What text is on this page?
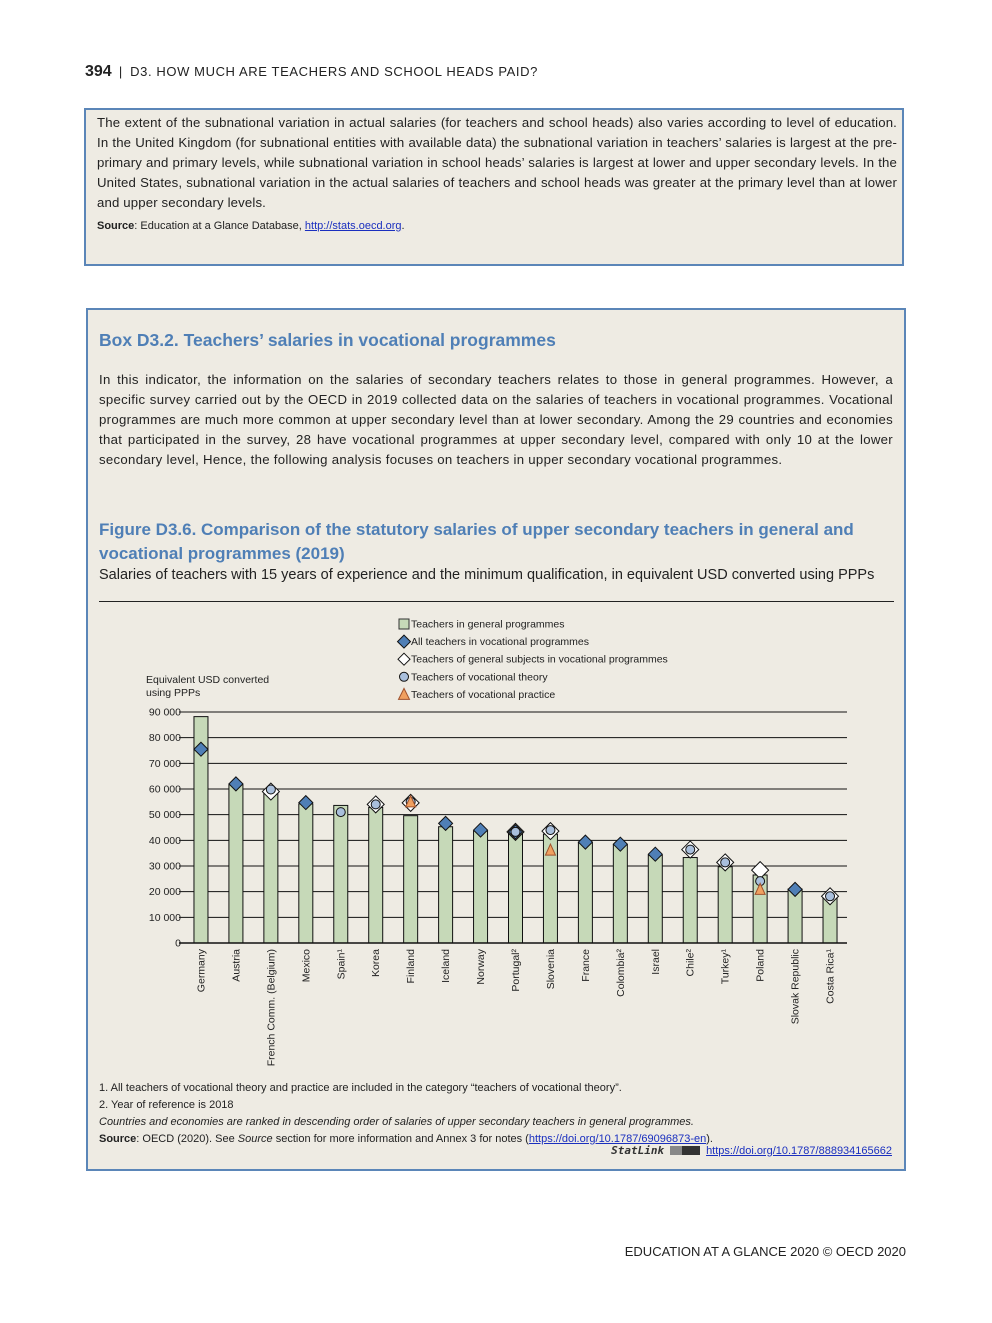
394 | D3. HOW MUCH ARE TEACHERS AND SCHOOL HEADS PAID?
The extent of the subnational variation in actual salaries (for teachers and school heads) also varies according to level of education. In the United Kingdom (for subnational entities with available data) the subnational variation in teachers’ salaries is largest at the pre-primary and primary levels, while subnational variation in school heads’ salaries is largest at lower and upper secondary levels. In the United States, subnational variation in the actual salaries of teachers and school heads was greater at the primary level than at lower and upper secondary levels.
Source: Education at a Glance Database, http://stats.oecd.org.
Box D3.2. Teachers’ salaries in vocational programmes
In this indicator, the information on the salaries of secondary teachers relates to those in general programmes. However, a specific survey carried out by the OECD in 2019 collected data on the salaries of teachers in vocational programmes. Vocational programmes are much more common at upper secondary level than at lower secondary. Among the 29 countries and economies that participated in the survey, 28 have vocational programmes at upper secondary level, compared with only 10 at the lower secondary level, Hence, the following analysis focuses on teachers in upper secondary vocational programmes.
Figure D3.6. Comparison of the statutory salaries of upper secondary teachers in general and vocational programmes (2019)
Salaries of teachers with 15 years of experience and the minimum qualification, in equivalent USD converted using PPPs
Teachers in general programmes
All teachers in vocational programmes
Teachers of general subjects in vocational programmes
Teachers of vocational theory
Teachers of vocational practice
Equivalent USD converted
using PPPs
0
10 000
20 000
30 000
40 000
50 000
60 000
70 000
80 000
90 000
Germany Austria French Comm. (Belgium) Mexico Spain¹ Korea Finland Iceland Norway Portugal² Slovenia France Colombia² Israel Chile² Turkey¹ Poland Slovak Republic Costa Rica¹
1. All teachers of vocational theory and practice are included in the category “teachers of vocational theory”.
2. Year of reference is 2018
Countries and economies are ranked in descending order of salaries of upper secondary teachers in general programmes.
Source: OECD (2020). See Source section for more information and Annex 3 for notes (https://doi.org/10.1787/69096873-en).
StatLink	https://doi.org/10.1787/888934165662
EDUCATION AT A GLANCE 2020 © OECD 2020
